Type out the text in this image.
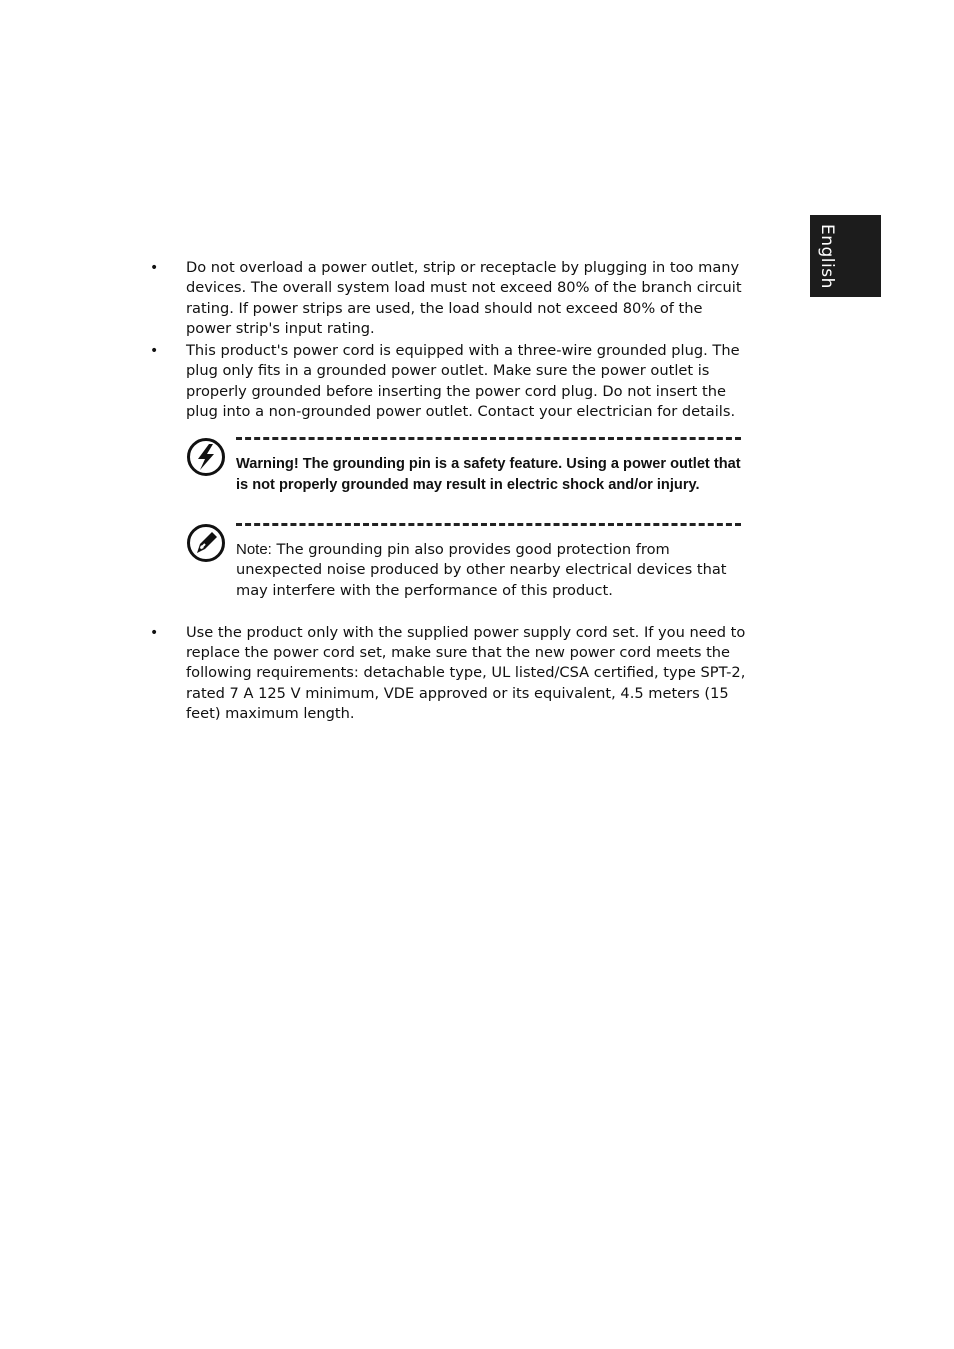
English
• Do not overload a power outlet, strip or receptacle by plugging in too many devices. The overall system load must not exceed 80% of the branch circuit rating. If power strips are used, the load should not exceed 80% of the power strip's input rating.
• This product's power cord is equipped with a three-wire grounded plug. The plug only fits in a grounded power outlet. Make sure the power outlet is properly grounded before inserting the power cord plug. Do not insert the plug into a non-grounded power outlet. Contact your electrician for details.
Warning! The grounding pin is a safety feature. Using a power outlet that is not properly grounded may result in electric shock and/or injury.
Note: The grounding pin also provides good protection from unexpected noise produced by other nearby electrical devices that may interfere with the performance of this product.
• Use the product only with the supplied power supply cord set. If you need to replace the power cord set, make sure that the new power cord meets the following requirements: detachable type, UL listed/CSA certified, type SPT-2, rated 7 A 125 V minimum, VDE approved or its equivalent, 4.5 meters (15 feet) maximum length.
